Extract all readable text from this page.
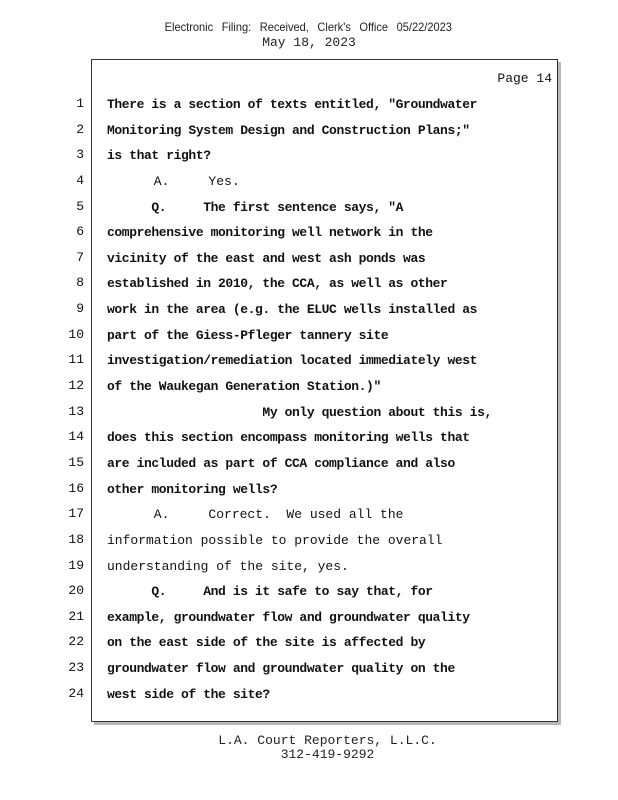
Electronic Filing: Received, Clerk's Office 05/22/2023
May 18, 2023
1
2
3
4
5
6
7
8
9
10
11
12
13
14
15
16
17
18
19
20
21
22
23
24
Page 14
There is a section of texts entitled, "Groundwater
Monitoring System Design and Construction Plans;"
is that right?
A.     Yes.
Q.     The first sentence says, "A
comprehensive monitoring well network in the
vicinity of the east and west ash ponds was
established in 2010, the CCA, as well as other
work in the area (e.g. the ELUC wells installed as
part of the Giess-Pfleger tannery site
investigation/remediation located immediately west
of the Waukegan Generation Station.)"
My only question about this is,
does this section encompass monitoring wells that
are included as part of CCA compliance and also
other monitoring wells?
A.     Correct.  We used all the
information possible to provide the overall
understanding of the site, yes.
Q.     And is it safe to say that, for
example, groundwater flow and groundwater quality
on the east side of the site is affected by
groundwater flow and groundwater quality on the
west side of the site?
L.A. Court Reporters, L.L.C.
312-419-9292
